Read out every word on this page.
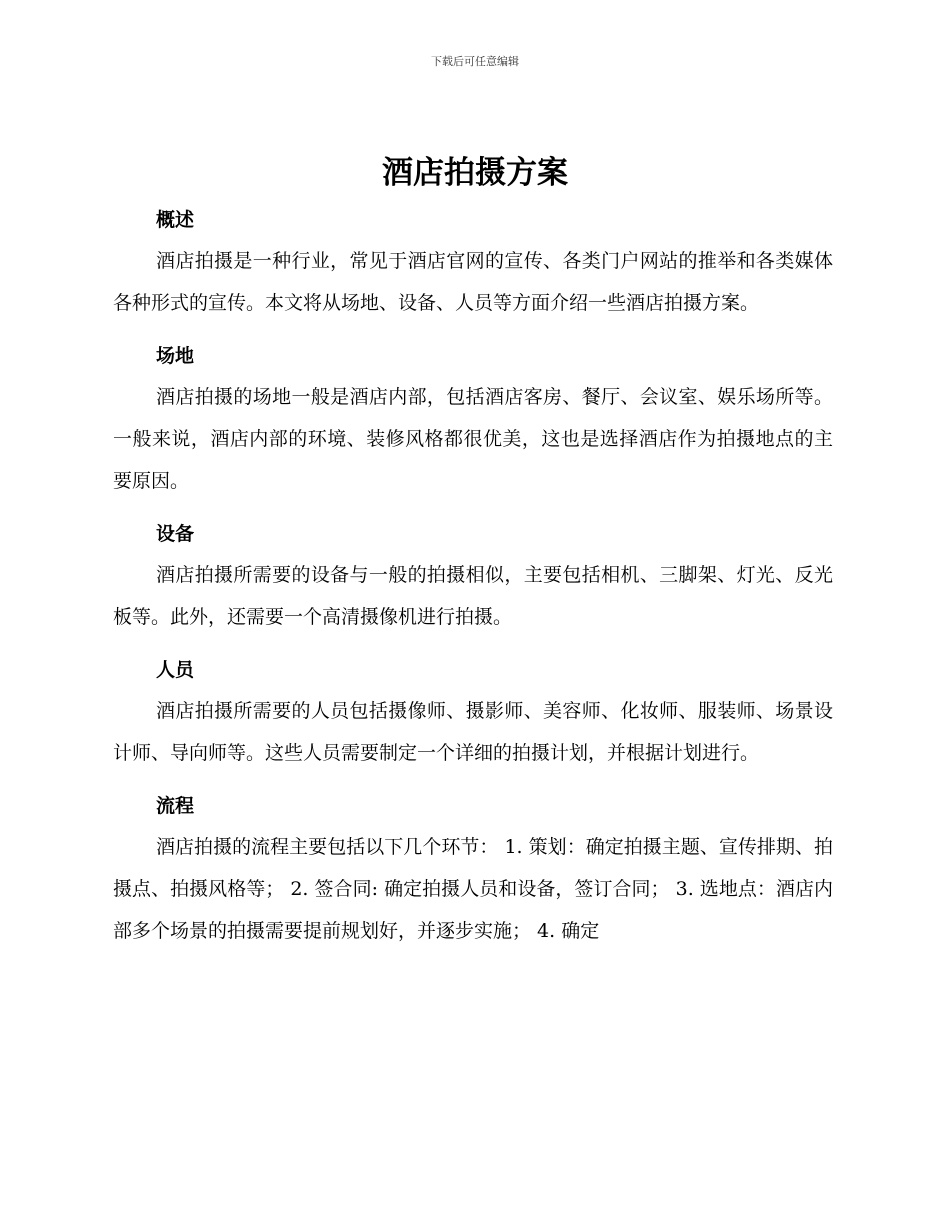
下载后可任意编辑
酒店拍摄方案
概述

酒店拍摄是一种行业，常见于酒店官网的宣传、各类门户网站的推举和各类媒体各种形式的宣传。本文将从场地、设备、人员等方面介绍一些酒店拍摄方案。

场地

酒店拍摄的场地一般是酒店内部，包括酒店客房、餐厅、会议室、娱乐场所等。一般来说，酒店内部的环境、装修风格都很优美，这也是选择酒店作为拍摄地点的主要原因。

设备

酒店拍摄所需要的设备与一般的拍摄相似，主要包括相机、三脚架、灯光、反光板等。此外，还需要一个高清摄像机进行拍摄。

人员

酒店拍摄所需要的人员包括摄像师、摄影师、美容师、化妆师、服装师、场景设计师、导向师等。这些人员需要制定一个详细的拍摄计划，并根据计划进行。

流程

酒店拍摄的流程主要包括以下几个环节： 1. 策划：确定拍摄主题、宣传排期、拍摄点、拍摄风格等； 2. 签合同: 确定拍摄人员和设备，签订合同； 3. 选地点：酒店内部多个场景的拍摄需要提前规划好，并逐步实施； 4. 确定
